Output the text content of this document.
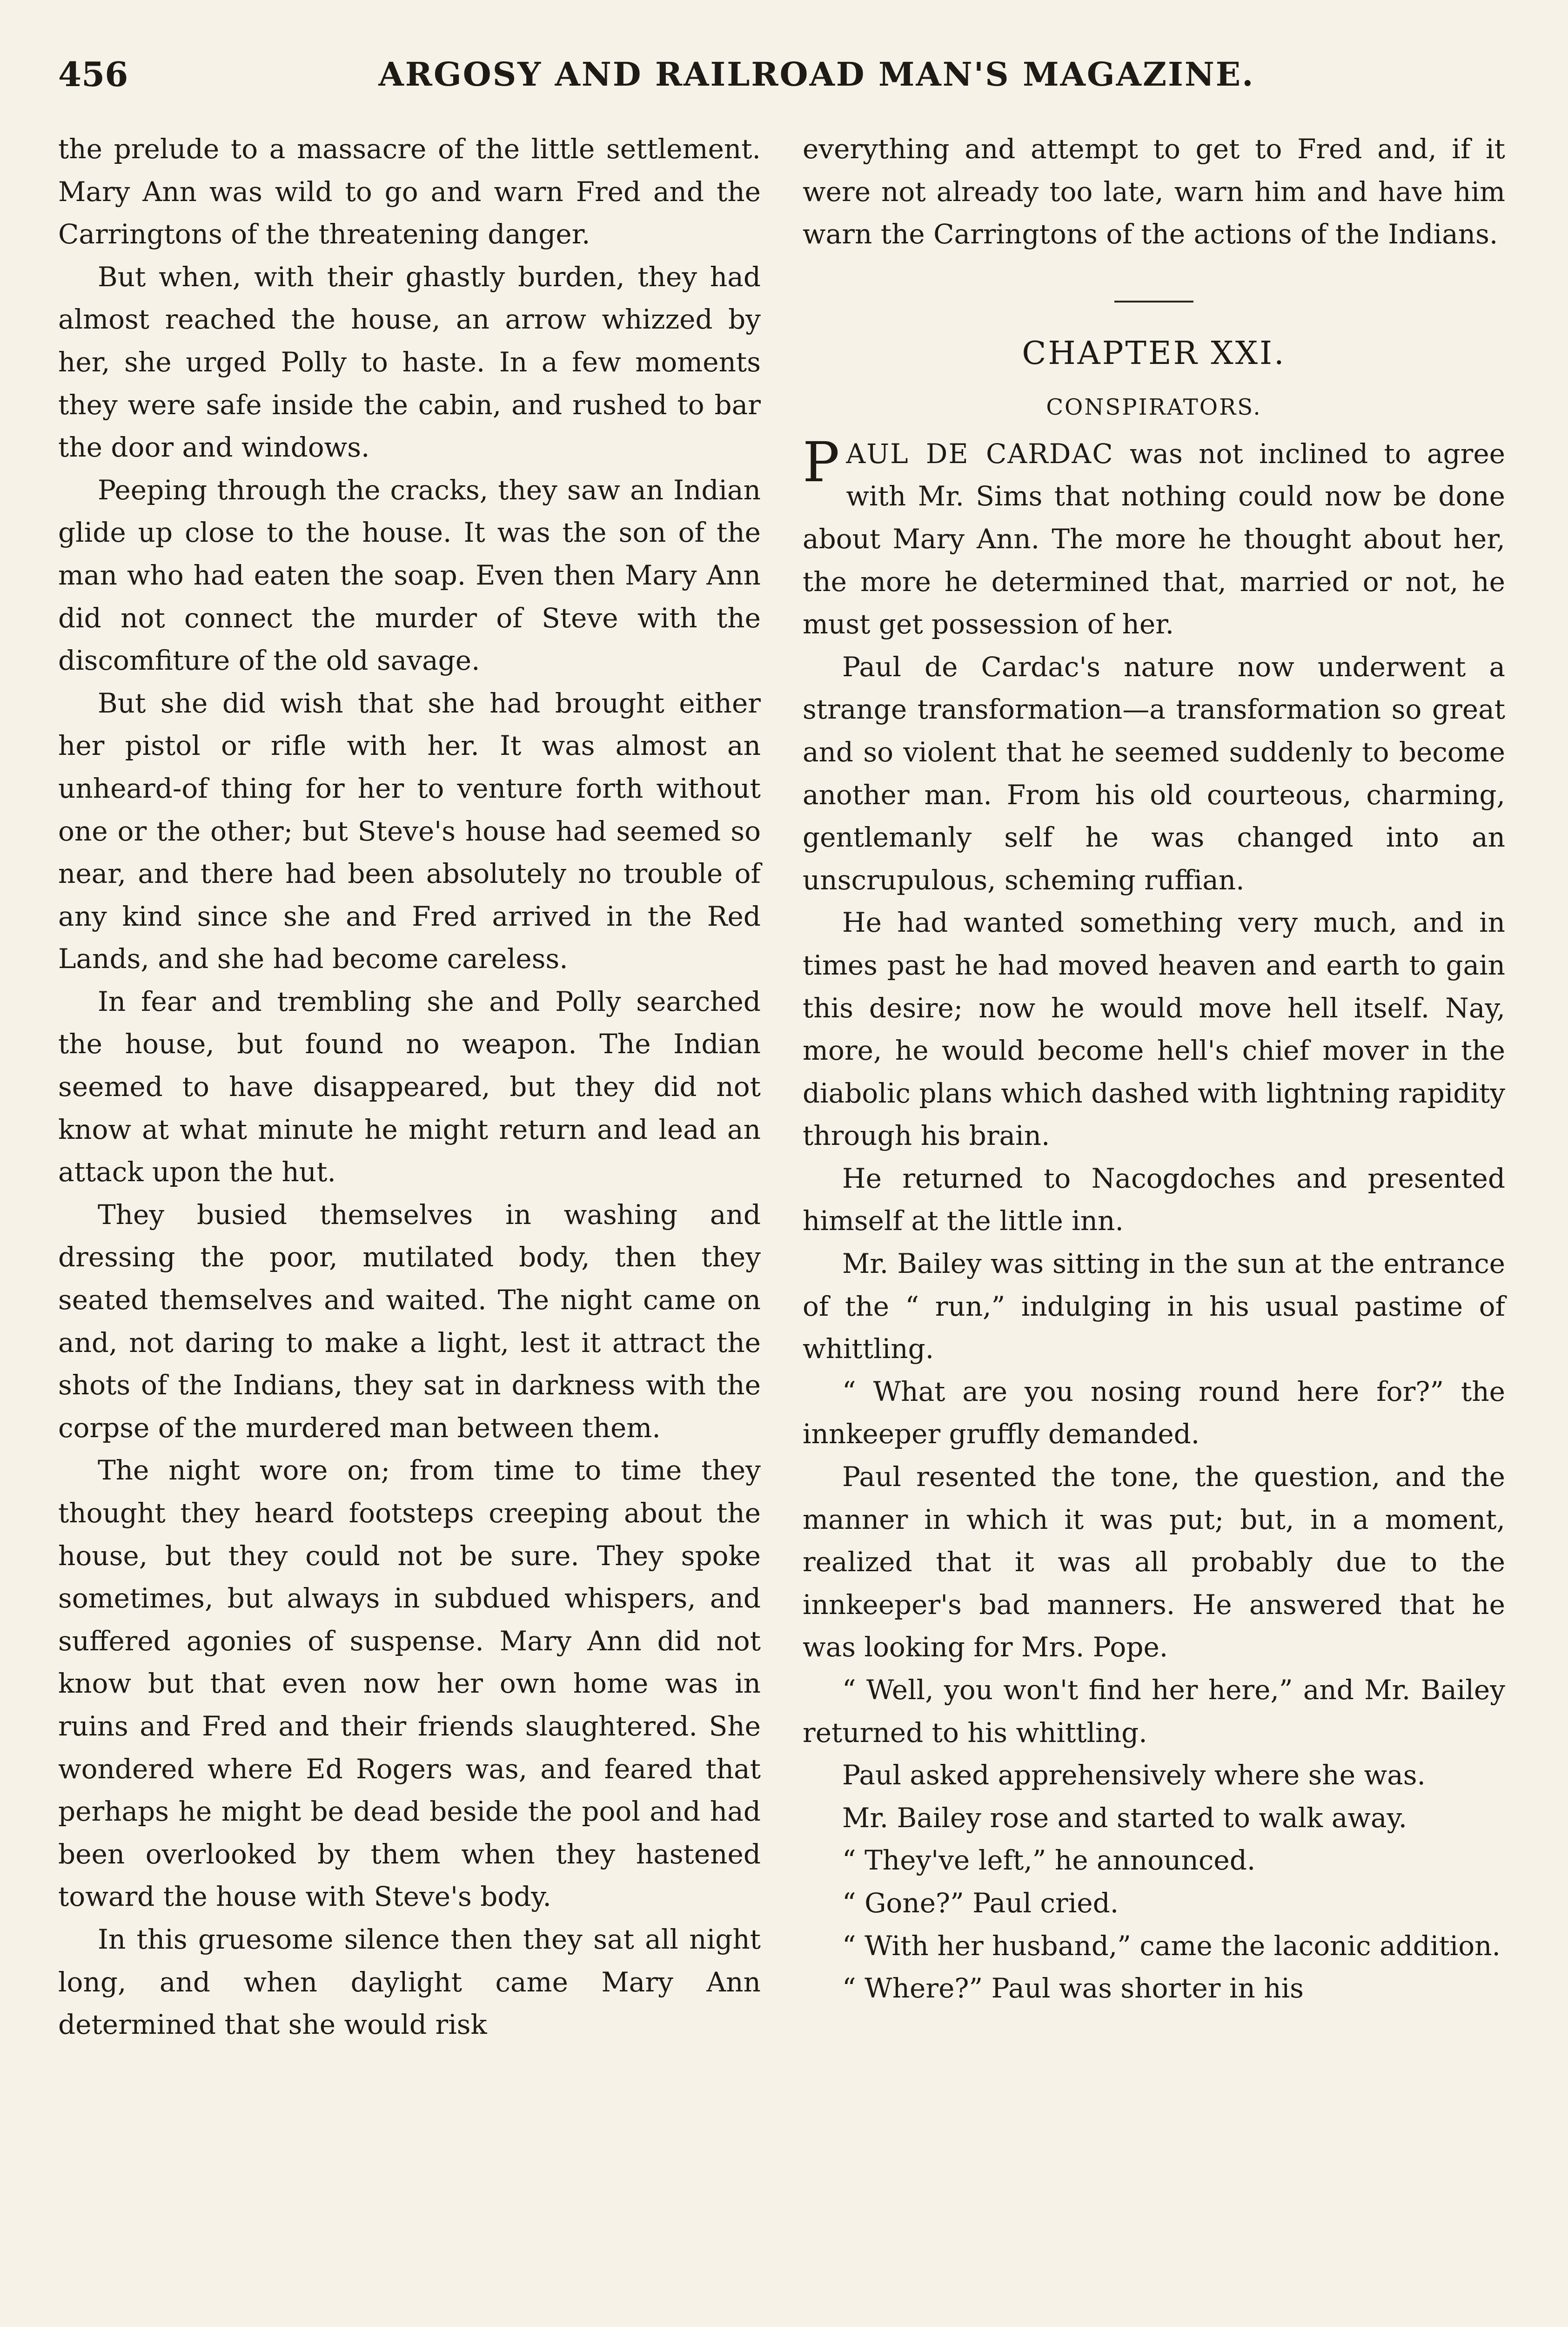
456	ARGOSY AND RAILROAD MAN'S MAGAZINE.

the prelude to a massacre of the little settlement. Mary Ann was wild to go and warn Fred and the Carringtons of the threatening danger.

But when, with their ghastly burden, they had almost reached the house, an arrow whizzed by her, she urged Polly to haste. In a few moments they were safe inside the cabin, and rushed to bar the door and windows.

Peeping through the cracks, they saw an Indian glide up close to the house. It was the son of the man who had eaten the soap. Even then Mary Ann did not connect the murder of Steve with the discomfiture of the old savage.

But she did wish that she had brought either her pistol or rifle with her. It was almost an unheard-of thing for her to venture forth without one or the other; but Steve's house had seemed so near, and there had been absolutely no trouble of any kind since she and Fred arrived in the Red Lands, and she had become careless.

In fear and trembling she and Polly searched the house, but found no weapon. The Indian seemed to have disappeared, but they did not know at what minute he might return and lead an attack upon the hut.

They busied themselves in washing and dressing the poor, mutilated body, then they seated themselves and waited. The night came on and, not daring to make a light, lest it attract the shots of the Indians, they sat in darkness with the corpse of the murdered man between them.

The night wore on; from time to time they thought they heard footsteps creeping about the house, but they could not be sure. They spoke sometimes, but always in subdued whispers, and suffered agonies of suspense. Mary Ann did not know but that even now her own home was in ruins and Fred and their friends slaughtered. She wondered where Ed Rogers was, and feared that perhaps he might be dead beside the pool and had been overlooked by them when they hastened toward the house with Steve's body.

In this gruesome silence then they sat all night long, and when daylight came Mary Ann determined that she would risk

everything and attempt to get to Fred and, if it were not already too late, warn him and have him warn the Carringtons of the actions of the Indians.

CHAPTER XXI.
CONSPIRATORS.

PAUL DE CARDAC was not inclined to agree with Mr. Sims that nothing could now be done about Mary Ann. The more he thought about her, the more he determined that, married or not, he must get possession of her.

Paul de Cardac's nature now underwent a strange transformation—a transformation so great and so violent that he seemed suddenly to become another man. From his old courteous, charming, gentlemanly self he was changed into an unscrupulous, scheming ruffian.

He had wanted something very much, and in times past he had moved heaven and earth to gain this desire; now he would move hell itself. Nay, more, he would become hell's chief mover in the diabolic plans which dashed with lightning rapidity through his brain.

He returned to Nacogdoches and presented himself at the little inn.

Mr. Bailey was sitting in the sun at the entrance of the “ run,” indulging in his usual pastime of whittling.

“ What are you nosing round here for?” the innkeeper gruffly demanded.

Paul resented the tone, the question, and the manner in which it was put; but, in a moment, realized that it was all probably due to the innkeeper's bad manners. He answered that he was looking for Mrs. Pope.

“ Well, you won't find her here,” and Mr. Bailey returned to his whittling.

Paul asked apprehensively where she was.

Mr. Bailey rose and started to walk away.

“ They've left,” he announced.

“ Gone?” Paul cried.

“ With her husband,” came the laconic addition.

“ Where?” Paul was shorter in his
